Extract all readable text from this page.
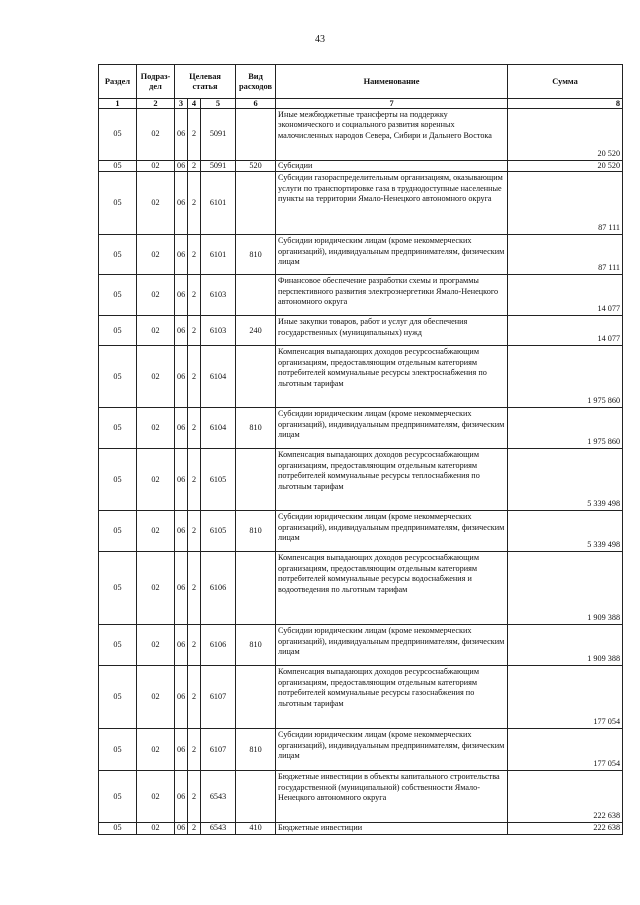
43
Раздел	Подраз-дел	Целевая статья			Вид расходов	Наименование	Сумма
1	2	3	4	5	6	7	8
05	02	06	2	5091		Иные межбюджетные трансферты на поддержку экономического и социального развития коренных малочисленных народов Севера, Сибири и Дальнего Востока	20 520
05	02	06	2	5091	520	Субсидии	20 520
05	02	06	2	6101		Субсидии газораспределительным организациям, оказывающим услуги по транспортировке газа в труднодоступные населенные пункты на территории Ямало-Ненецкого автономного округа	87 111
05	02	06	2	6101	810	Субсидии юридическим лицам (кроме некоммерческих организаций), индивидуальным предпринимателям, физическим лицам	87 111
05	02	06	2	6103		Финансовое обеспечение разработки схемы и программы перспективного развития электроэнергетики Ямало-Ненецкого автономного округа	14 077
05	02	06	2	6103	240	Иные закупки товаров, работ и услуг для обеспечения государственных (муниципальных) нужд	14 077
05	02	06	2	6104		Компенсация выпадающих доходов ресурсоснабжающим организациям, предоставляющим отдельным категориям потребителей коммунальные ресурсы электроснабжения по льготным тарифам	1 975 860
05	02	06	2	6104	810	Субсидии юридическим лицам (кроме некоммерческих организаций), индивидуальным предпринимателям, физическим лицам	1 975 860
05	02	06	2	6105		Компенсация выпадающих доходов ресурсоснабжающим организациям, предоставляющим отдельным категориям потребителей коммунальные ресурсы теплоснабжения по льготным тарифам	5 339 498
05	02	06	2	6105	810	Субсидии юридическим лицам (кроме некоммерческих организаций), индивидуальным предпринимателям, физическим лицам	5 339 498
05	02	06	2	6106		Компенсация выпадающих доходов ресурсоснабжающим организациям, предоставляющим отдельным категориям потребителей коммунальные ресурсы водоснабжения и водоотведения по льготным тарифам	1 909 388
05	02	06	2	6106	810	Субсидии юридическим лицам (кроме некоммерческих организаций), индивидуальным предпринимателям, физическим лицам	1 909 388
05	02	06	2	6107		Компенсация выпадающих доходов ресурсоснабжающим организациям, предоставляющим отдельным категориям потребителей коммунальные ресурсы газоснабжения по льготным тарифам	177 054
05	02	06	2	6107	810	Субсидии юридическим лицам (кроме некоммерческих организаций), индивидуальным предпринимателям, физическим лицам	177 054
05	02	06	2	6543		Бюджетные инвестиции в объекты капитального строительства государственной (муниципальной) собственности Ямало-Ненецкого автономного округа	222 638
05	02	06	2	6543	410	Бюджетные инвестиции	222 638
